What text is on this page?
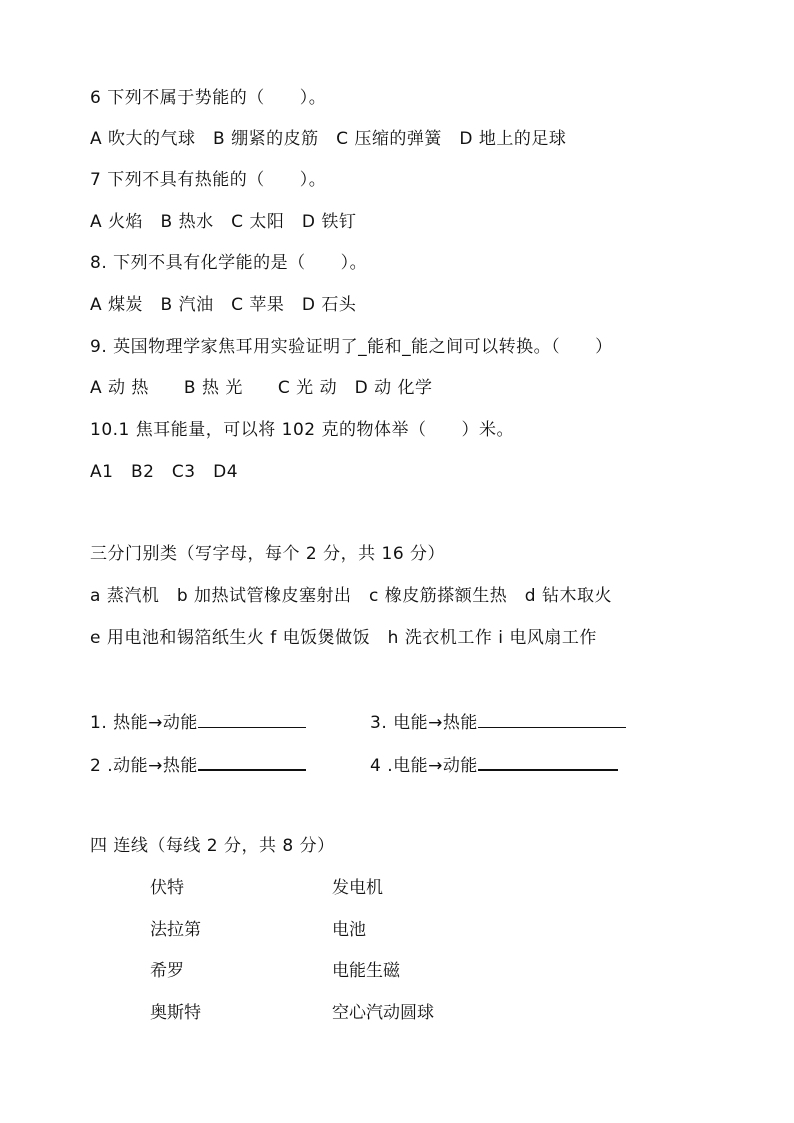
6 下列不属于势能的（　　）。
A 吹大的气球　B 绷紧的皮筋　C 压缩的弹簧　D 地上的足球
7 下列不具有热能的（　　）。
A 火焰　B 热水　C 太阳　D 铁钉
8. 下列不具有化学能的是（　　）。
A 煤炭　B 汽油　C 苹果　D 石头
9. 英国物理学家焦耳用实验证明了_能和_能之间可以转换。（　　）
A 动 热　　B 热 光　　C 光 动　D 动 化学
10.1 焦耳能量，可以将 102 克的物体举（　　）米。
A1　B2　C3　D4
三分门别类（写字母，每个 2 分，共 16 分）
a 蒸汽机　b 加热试管橡皮塞射出　c 橡皮筋搽额生热　d 钻木取火
e 用电池和锡箔纸生火 f 电饭煲做饭　h 洗衣机工作 i 电风扇工作
1. 热能→动能	3. 电能→热能
2 .动能→热能	4 .电能→动能
四 连线（每线 2 分，共 8 分）
伏特	发电机
法拉第	电池
希罗	电能生磁
奥斯特	空心汽动圆球
